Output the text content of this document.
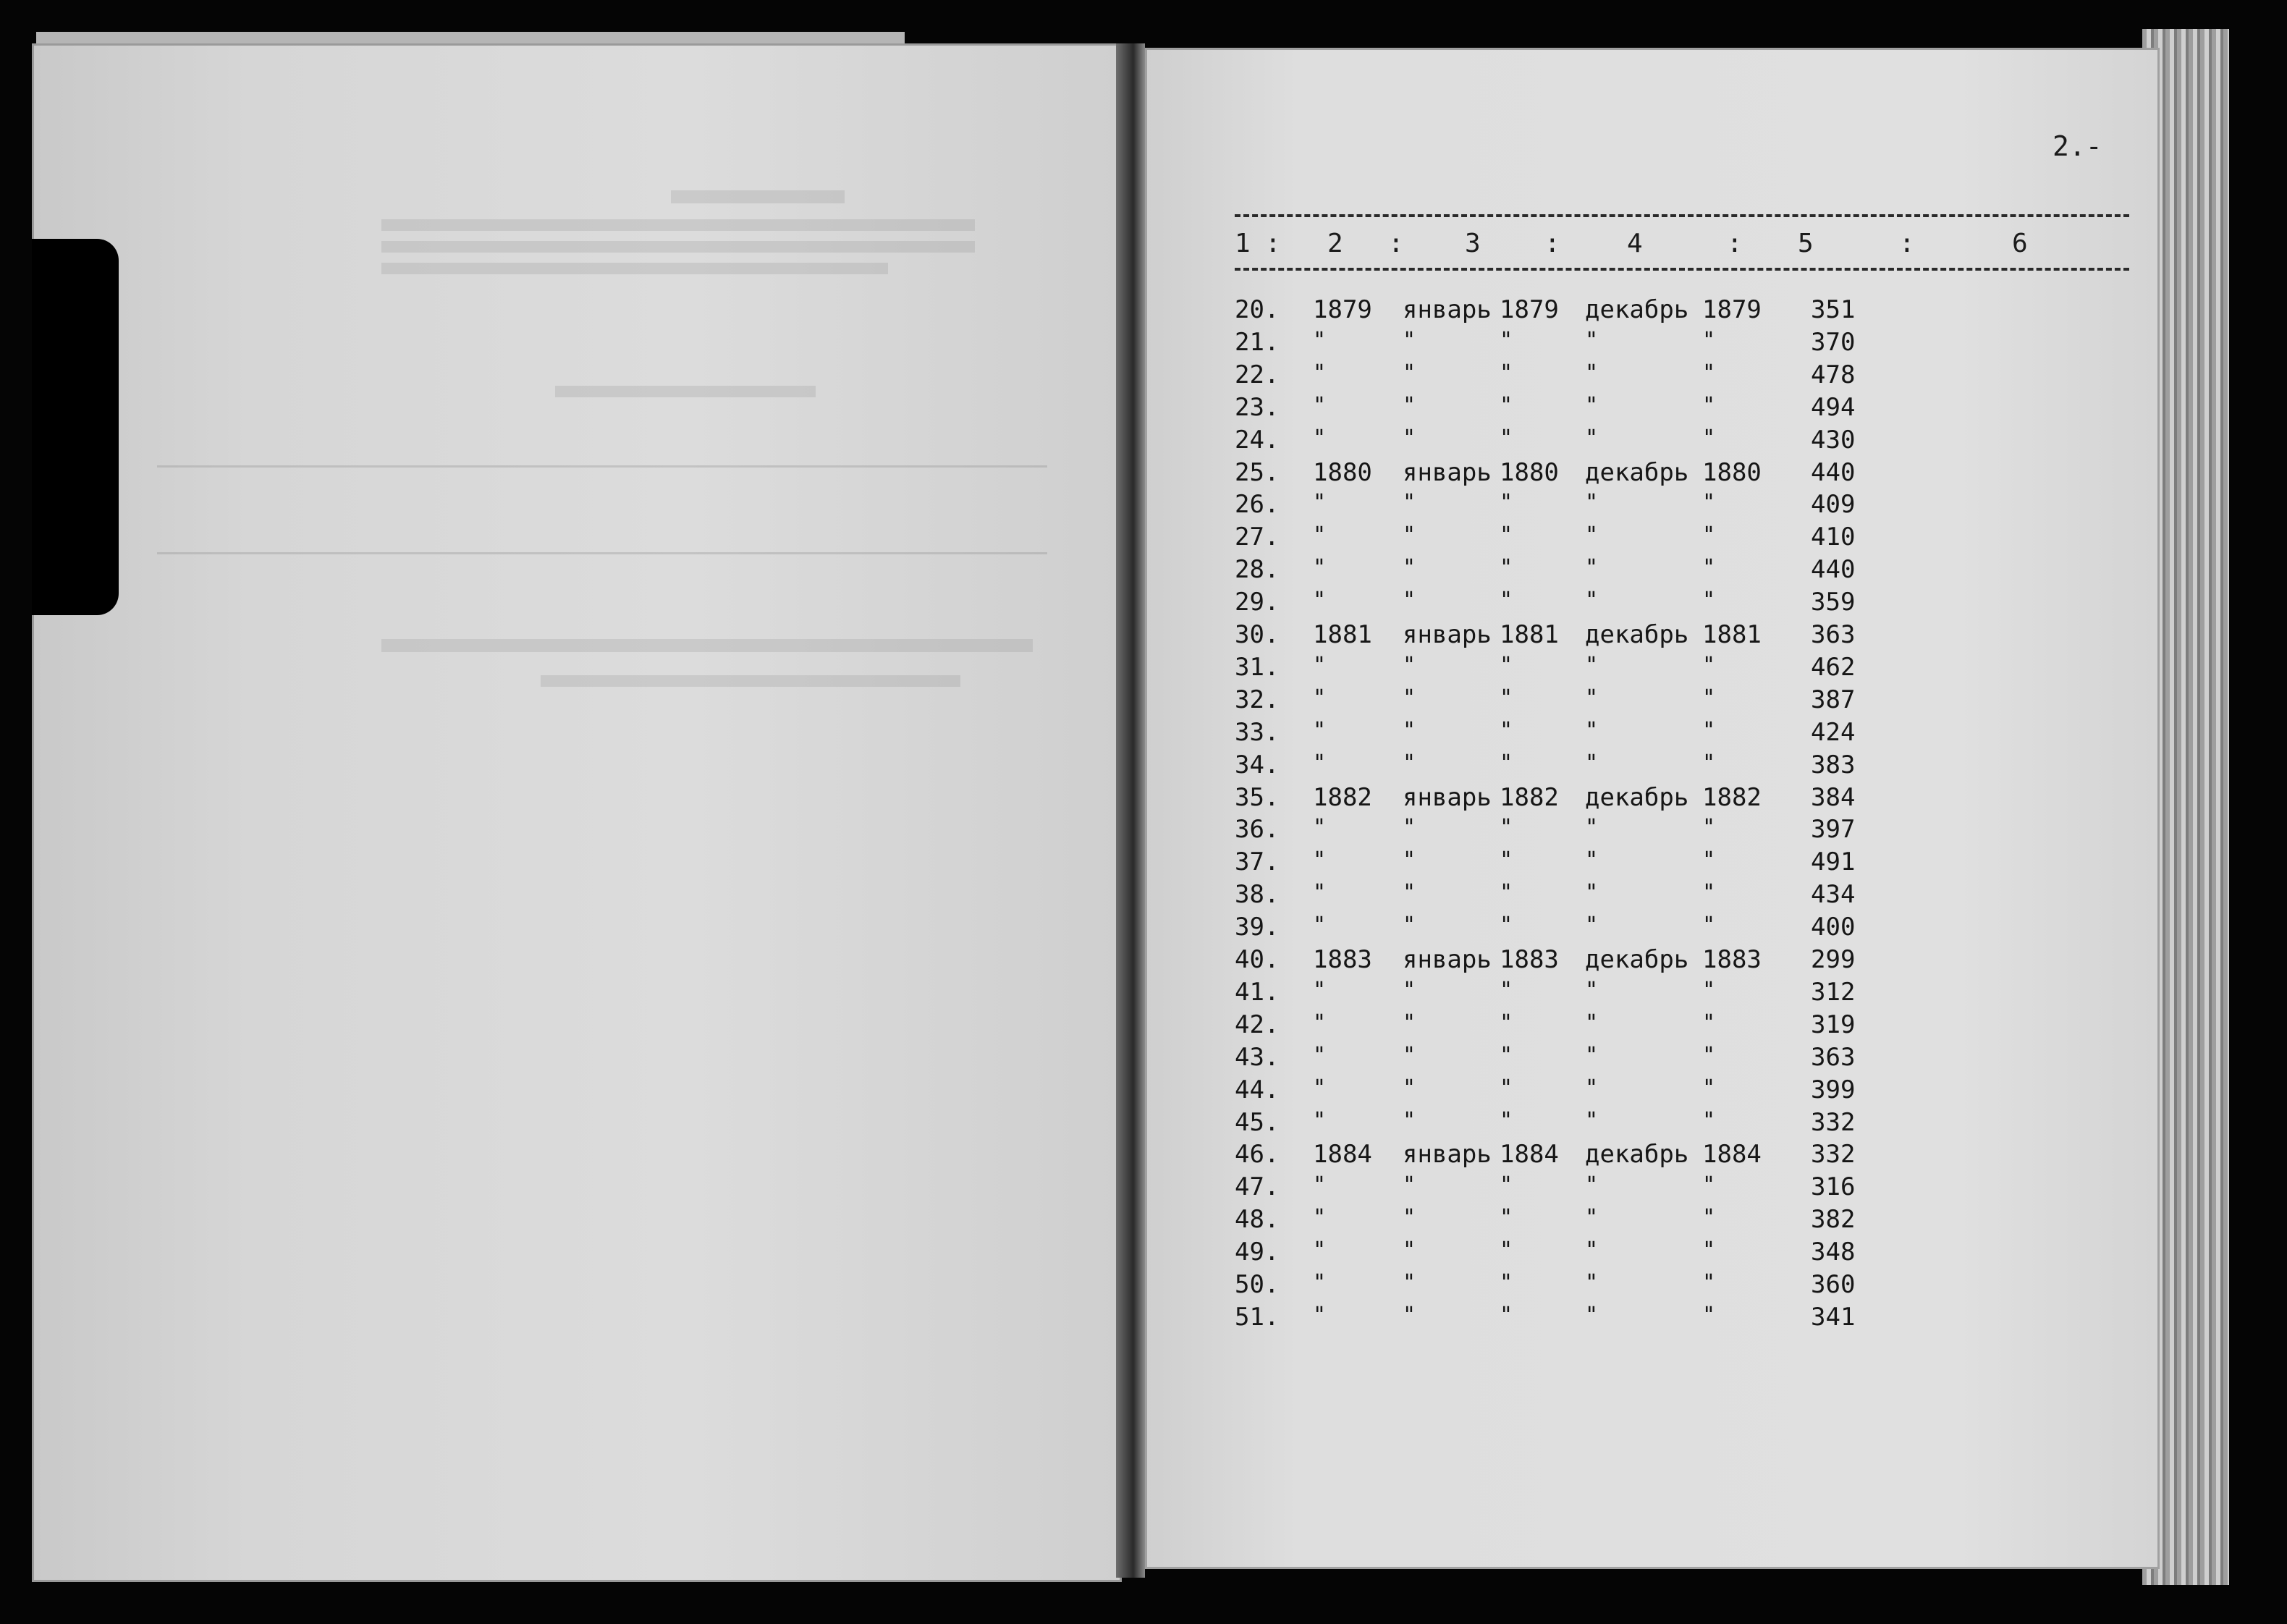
2.-
1 : 2 : 3 :	4	: 5	:	6
20. 1879 январь 1879 декабрь 1879 351
21. "	"	"	"	"	370
22. "	"	"	"	"	478
23. "	"	"	"	"	494
24. "	"	"	"	"	430
25. 1880 январь 1880 декабрь 1880 440
26. "	"	"	"	"	409
27. "	"	"	"	"	410
28. "	"	"	"	"	440
29. "	"	"	"	"	359
30. 1881 январь 1881 декабрь 1881 363
31. "	"	"	"	"	462
32. "	"	"	"	"	387
33. "	"	"	"	"	424
34. "	"	"	"	"	383
35. 1882 январь 1882 декабрь 1882 384
36. "	"	"	"	"	397
37. "	"	"	"	"	491
38. "	"	"	"	"	434
39. "	"	"	"	"	400
40. 1883 январь 1883 декабрь 1883 299
41. "	"	"	"	"	312
42. "	"	"	"	"	319
43. "	"	"	"	"	363
44. "	"	"	"	"	399
45. "	"	"	"	"	332
46. 1884 январь 1884 декабрь 1884 332
47. "	"	"	"	"	316
48. "	"	"	"	"	382
49. "	"	"	"	"	348
50. "	"	"	"	"	360
51. "	"	"	"	"	341
